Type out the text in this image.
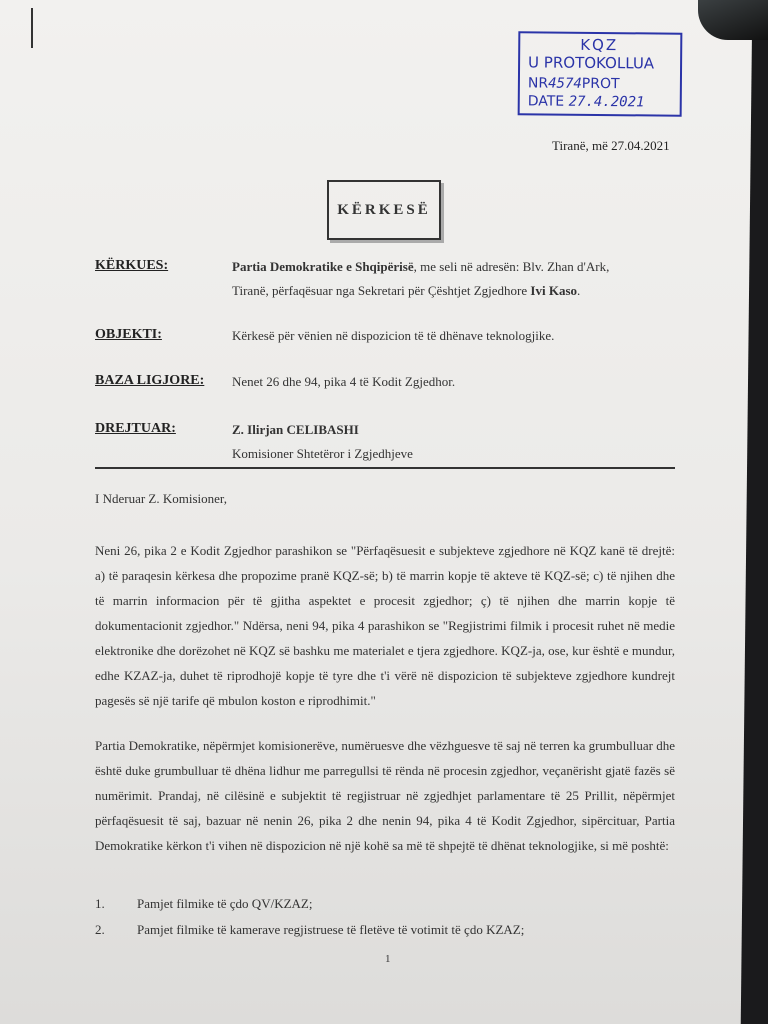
KQZ
U PROTOKOLLUA
NR4574PROT
DATE 27.4.2021
Tiranë, më 27.04.2021
KËRKESË
KËRKUES:	Partia Demokratike e Shqipërisë, me seli në adresën: Blv. Zhan d'Ark,
Tiranë, përfaqësuar nga Sekretari për Çështjet Zgjedhore Ivi Kaso.
OBJEKTI:	Kërkesë për vënien në dispozicion të të dhënave teknologjike.
BAZA LIGJORE: Nenet 26 dhe 94, pika 4 të Kodit Zgjedhor.
DREJTUAR:	Z. Ilirjan CELIBASHI
Komisioner Shtetëror i Zgjedhjeve
I Nderuar Z. Komisioner,
Neni 26, pika 2 e Kodit Zgjedhor parashikon se "Përfaqësuesit e subjekteve zgjedhore në KQZ kanë të drejtë: a) të paraqesin kërkesa dhe propozime pranë KQZ-së; b) të marrin kopje të akteve të KQZ-së; c) të njihen dhe të marrin informacion për të gjitha aspektet e procesit zgjedhor; ç) të njihen dhe marrin kopje të dokumentacionit zgjedhor." Ndërsa, neni 94, pika 4 parashikon se "Regjistrimi filmik i procesit ruhet në medie elektronike dhe dorëzohet në KQZ së bashku me materialet e tjera zgjedhore. KQZ-ja, ose, kur është e mundur, edhe KZAZ-ja, duhet të riprodhojë kopje të tyre dhe t'i vërë në dispozicion të subjekteve zgjedhore kundrejt pagesës së një tarife që mbulon koston e riprodhimit."
Partia Demokratike, nëpërmjet komisionerëve, numëruesve dhe vëzhguesve të saj në terren ka grumbulluar dhe është duke grumbulluar të dhëna lidhur me parregullsi të rënda në procesin zgjedhor, veçanërisht gjatë fazës së numërimit. Prandaj, në cilësinë e subjektit të regjistruar në zgjedhjet parlamentare të 25 Prillit, nëpërmjet përfaqësuesit të saj, bazuar në nenin 26, pika 2 dhe nenin 94, pika 4 të Kodit Zgjedhor, sipërcituar, Partia Demokratike kërkon t'i vihen në dispozicion në një kohë sa më të shpejtë të dhënat teknologjike, si më poshtë:
1. Pamjet filmike të çdo QV/KZAZ;
2. Pamjet filmike të kamerave regjistruese të fletëve të votimit të çdo KZAZ;
1
